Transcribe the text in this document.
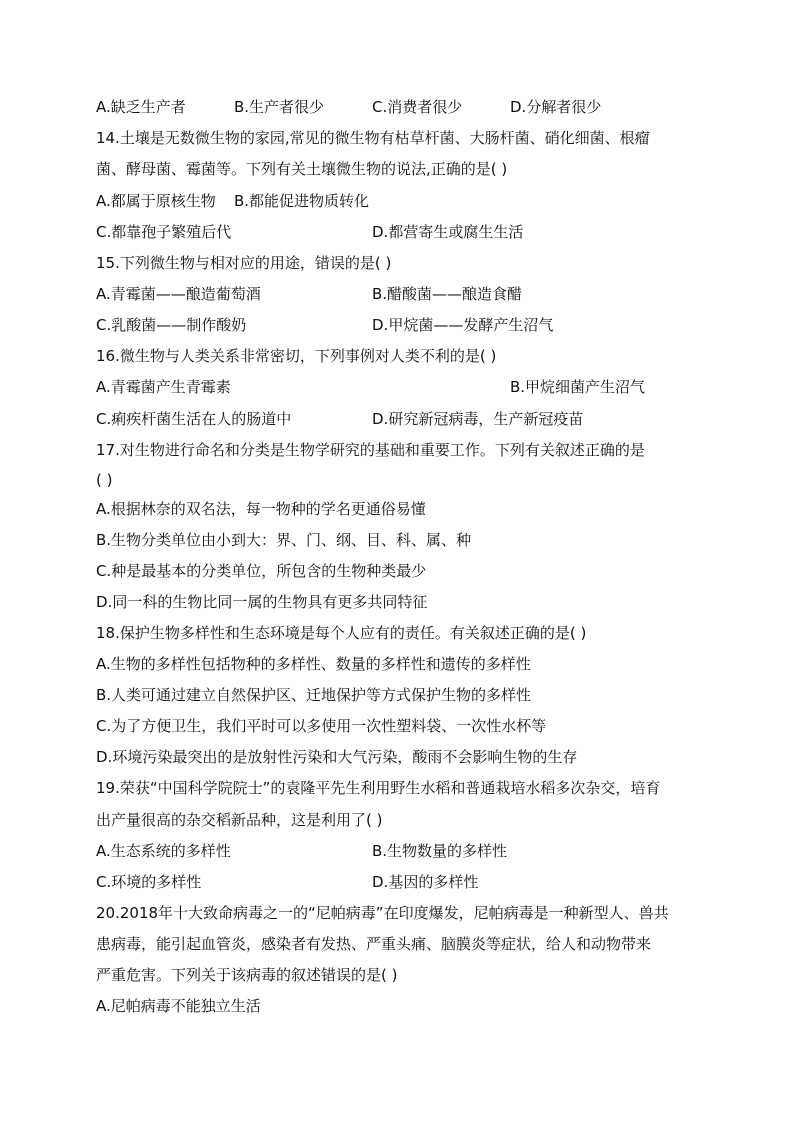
A.缺乏生产者	B.生产者很少	C.消费者很少	D.分解者很少
14.土壤是无数微生物的家园,常见的微生物有枯草杆菌、大肠杆菌、硝化细菌、根瘤
菌、酵母菌、霉菌等。下列有关土壤微生物的说法,正确的是( )
A.都属于原核生物 B.都能促进物质转化
C.都靠孢子繁殖后代	D.都营寄生或腐生生活
15.下列微生物与相对应的用途，错误的是( )
A.青霉菌——酿造葡萄酒	B.醋酸菌——酿造食醋
C.乳酸菌——制作酸奶	D.甲烷菌——发酵产生沼气
16.微生物与人类关系非常密切，下列事例对人类不利的是( )
A.青霉菌产生青霉素	B.甲烷细菌产生沼气
C.痢疾杆菌生活在人的肠道中	D.研究新冠病毒，生产新冠疫苗
17.对生物进行命名和分类是生物学研究的基础和重要工作。下列有关叙述正确的是
( )
A.根据林奈的双名法，每一物种的学名更通俗易懂
B.生物分类单位由小到大：界、门、纲、目、科、属、种
C.种是最基本的分类单位，所包含的生物种类最少
D.同一科的生物比同一属的生物具有更多共同特征
18.保护生物多样性和生态环境是每个人应有的责任。有关叙述正确的是( )
A.生物的多样性包括物种的多样性、数量的多样性和遗传的多样性
B.人类可通过建立自然保护区、迁地保护等方式保护生物的多样性
C.为了方便卫生，我们平时可以多使用一次性塑料袋、一次性水杯等
D.环境污染最突出的是放射性污染和大气污染，酸雨不会影响生物的生存
19.荣获“中国科学院院士”的袁隆平先生利用野生水稻和普通栽培水稻多次杂交，培育
出产量很高的杂交稻新品种，这是利用了( )
A.生态系统的多样性	B.生物数量的多样性
C.环境的多样性	D.基因的多样性
20.2018年十大致命病毒之一的“尼帕病毒”在印度爆发，尼帕病毒是一种新型人、兽共
患病毒，能引起血管炎，感染者有发热、严重头痛、脑膜炎等症状，给人和动物带来
严重危害。下列关于该病毒的叙述错误的是( )
A.尼帕病毒不能独立生活
